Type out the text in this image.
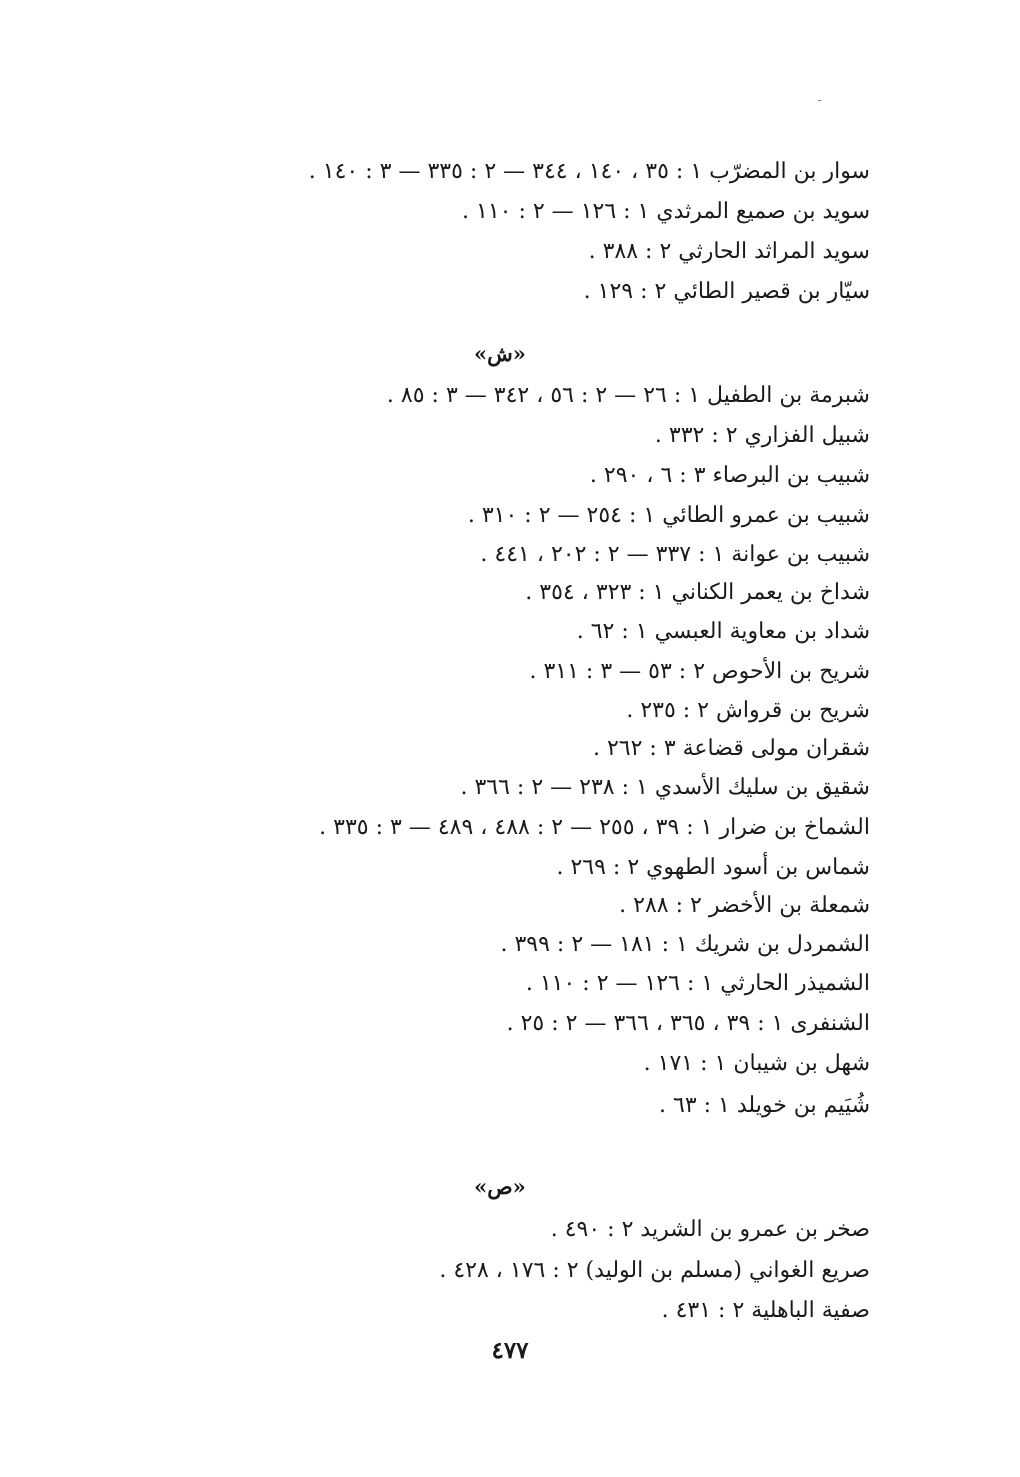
سوار بن المضرّب ١ : ٣٥ ، ١٤٠ ، ٣٤٤ — ٢ : ٣٣٥ — ٣ : ١٤٠ .
سويد بن صميع المرثدي ١ : ١٢٦ — ٢ : ١١٠ .
سويد المراثد الحارثي ٢ : ٣٨٨ .
سيّار بن قصير الطائي ٢ : ١٢٩ .
«ش»
شبرمة بن الطفيل ١ : ٢٦ — ٢ : ٥٦ ، ٣٤٢ — ٣ : ٨٥ .
شبيل الفزاري ٢ : ٣٣٢ .
شبيب بن البرصاء ٣ : ٦ ، ٢٩٠ .
شبيب بن عمرو الطائي ١ : ٢٥٤ — ٢ : ٣١٠ .
شبيب بن عوانة ١ : ٣٣٧ — ٢ : ٢٠٢ ، ٤٤١ .
شداخ بن يعمر الكناني ١ : ٣٢٣ ، ٣٥٤ .
شداد بن معاوية العبسي ١ : ٦٢ .
شريح بن الأحوص ٢ : ٥٣ — ٣ : ٣١١ .
شريح بن قرواش ٢ : ٢٣٥ .
شقران مولى قضاعة ٣ : ٢٦٢ .
شقيق بن سليك الأسدي ١ : ٢٣٨ — ٢ : ٣٦٦ .
الشماخ بن ضرار ١ : ٣٩ ، ٢٥٥ — ٢ : ٤٨٨ ، ٤٨٩ — ٣ : ٣٣٥ .
شماس بن أسود الطهوي ٢ : ٢٦٩ .
شمعلة بن الأخضر ٢ : ٢٨٨ .
الشمردل بن شريك ١ : ١٨١ — ٢ : ٣٩٩ .
الشميذر الحارثي ١ : ١٢٦ — ٢ : ١١٠ .
الشنفرى ١ : ٣٩ ، ٣٦٥ ، ٣٦٦ — ٢ : ٢٥ .
شهل بن شيبان ١ : ١٧١ .
شُيَيم بن خويلد ١ : ٦٣ .
«ص»
صخر بن عمرو بن الشريد ٢ : ٤٩٠ .
صريع الغواني (مسلم بن الوليد) ٢ : ١٧٦ ، ٤٢٨ .
صفية الباهلية ٢ : ٤٣١ .
٤٧٧
